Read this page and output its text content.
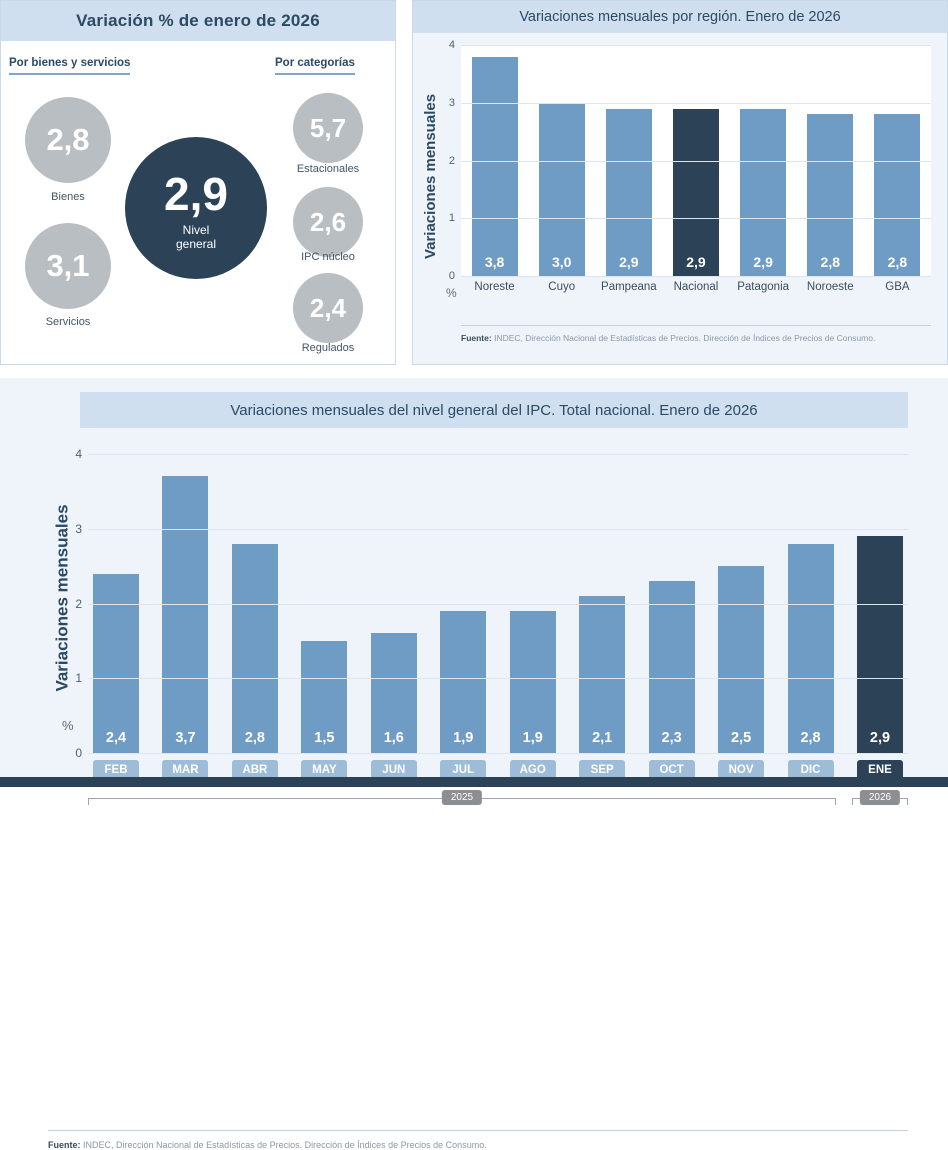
Variación % de enero de 2026
Por bienes y servicios	Por categorías
2,8
Bienes
3,1
Servicios
2,9
Nivel
general
5,7
Estacionales
2,6
IPC núcleo
2,4
Regulados
Variaciones mensuales por región. Enero de 2026
Variaciones mensuales
3,8	3,0	2,9	2,9	2,9	2,8	2,8
0
1
2
3
4
Noreste	Cuyo	Pampeana	Nacional	Patagonia	Noroeste	GBA
%
Fuente: INDEC, Dirección Nacional de Estadísticas de Precios. Dirección de Índices de Precios de Consumo.
Variaciones mensuales del nivel general del IPC. Total nacional. Enero de 2026
Variaciones mensuales
2,4	3,7	2,8	1,5	1,6	1,9	1,9	2,1	2,3	2,5	2,8	2,9
0
1
2
3
4
FEB	MAR	ABR	MAY	JUN	JUL	AGO	SEP	OCT	NOV	DIC	ENE
2025	2026
%
Fuente: INDEC, Dirección Nacional de Estadísticas de Precios. Dirección de Índices de Precios de Consumo.
